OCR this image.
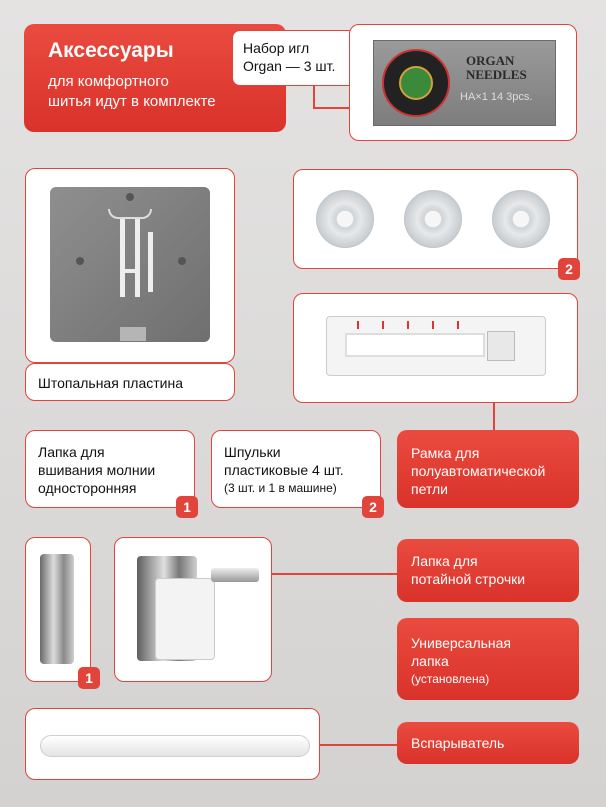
Аксессуары
для комфортного
шитья идут в комплекте
Набор игл
Organ — 3 шт.	ORGAN
NEEDLES
HA×1 14 3pcs.
Штопальная пластина
2
Лапка для
вшивания молнии
односторонняя
1
Шпульки
пластиковые 4 шт.
(3 шт. и 1 в машине)
2
Рамка для
полуавтоматической
петли
1
Лапка для
потайной строчки
Универсальная
лапка
(установлена)
Вспарыватель
